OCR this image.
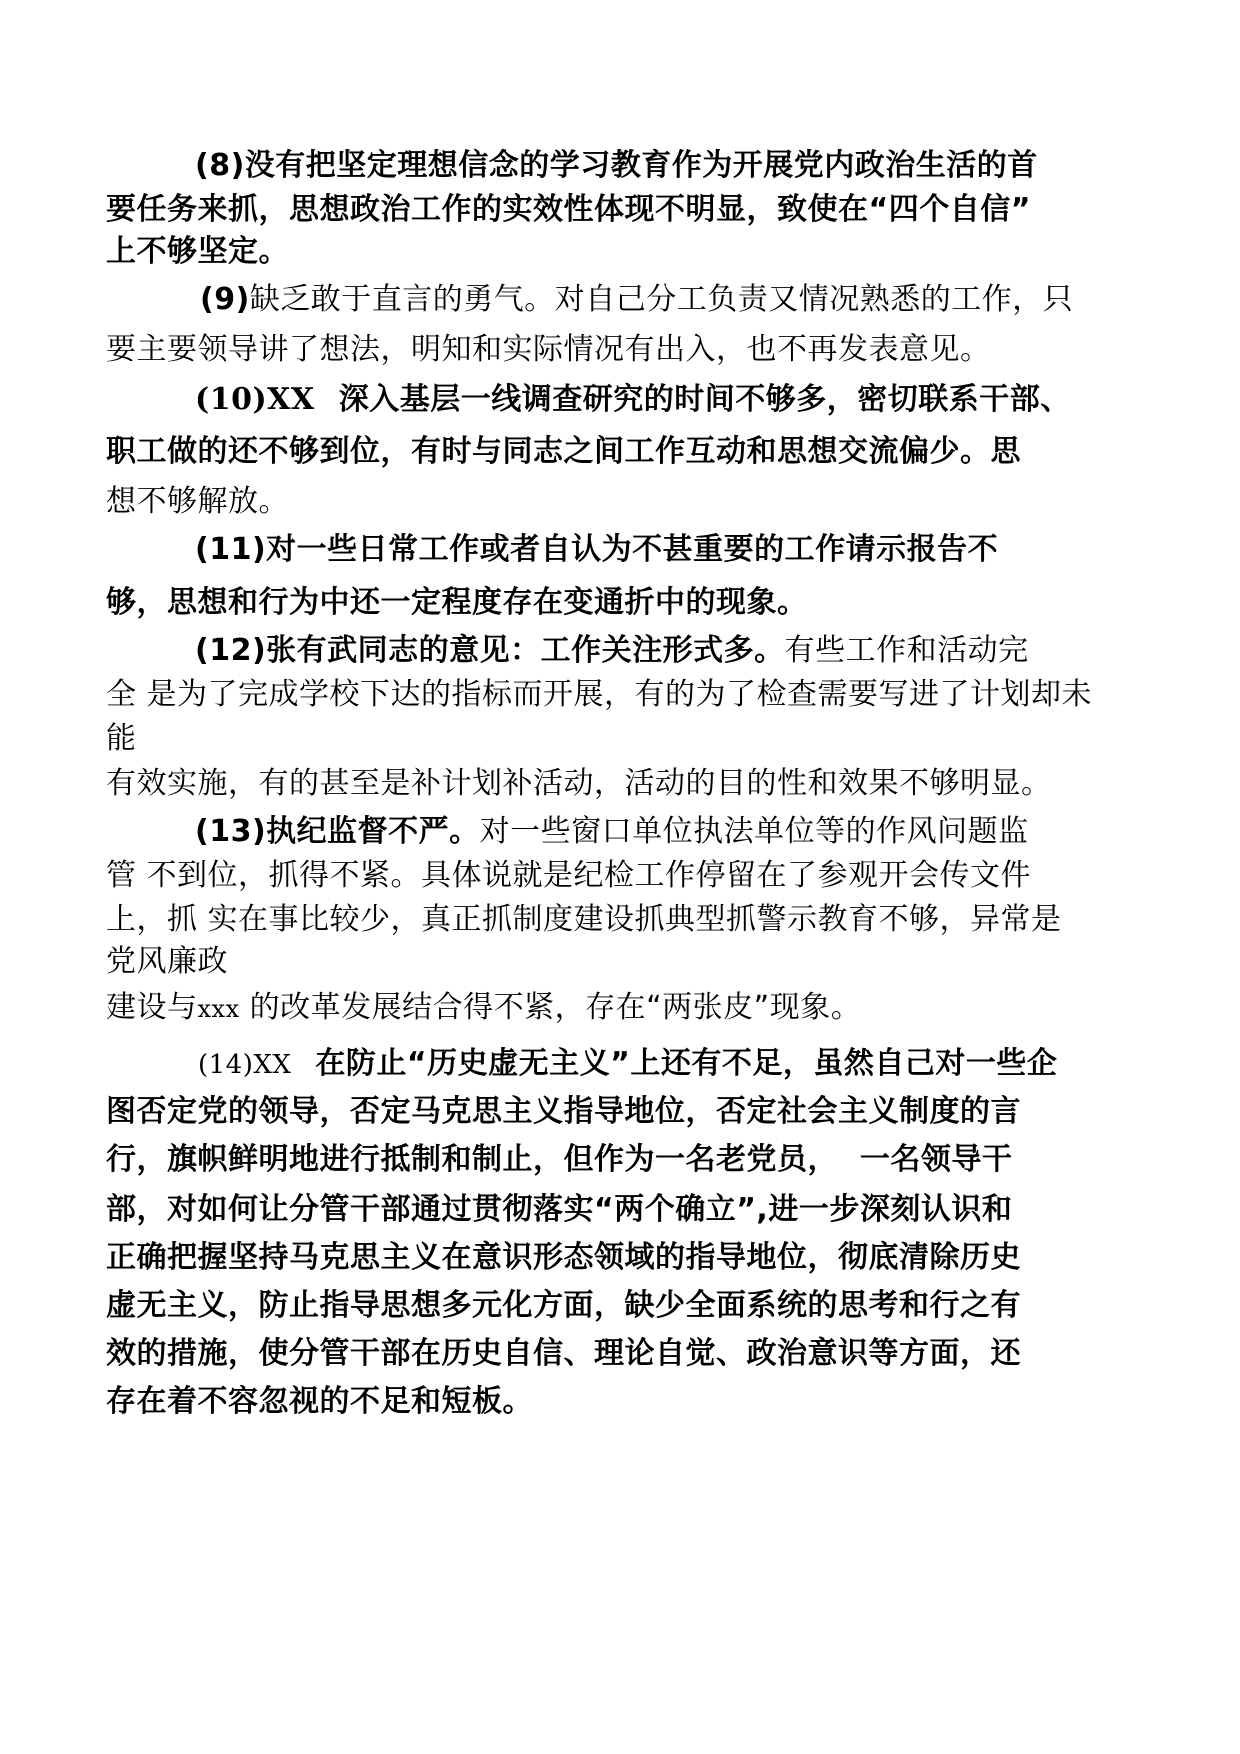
(8)没有把坚定理想信念的学习教育作为开展党内政治生活的首
要任务来抓，思想政治工作的实效性体现不明显，致使在“四个自信”
上不够坚定。
(9)缺乏敢于直言的勇气。对自己分工负责又情况熟悉的工作，只
要主要领导讲了想法，明知和实际情况有出入，也不再发表意见。
(10)XX 深入基层一线调查研究的时间不够多，密切联系干部、
职工做的还不够到位，有时与同志之间工作互动和思想交流偏少。思
想不够解放。
(11)对一些日常工作或者自认为不甚重要的工作请示报告不
够，思想和行为中还一定程度存在变通折中的现象。
(12)张有武同志的意见：工作关注形式多。有些工作和活动完
全 是为了完成学校下达的指标而开展，有的为了检查需要写进了计划却未
能
有效实施，有的甚至是补计划补活动，活动的目的性和效果不够明显。
(13)执纪监督不严。对一些窗口单位执法单位等的作风问题监
管 不到位，抓得不紧。具体说就是纪检工作停留在了参观开会传文件
上，抓 实在事比较少，真正抓制度建设抓典型抓警示教育不够，异常是
党风廉政
建设与xxx 的改革发展结合得不紧，存在“两张皮”现象。
(14)XX 在防止“历史虚无主义”上还有不足，虽然自己对一些企
图否定党的领导，否定马克思主义指导地位，否定社会主义制度的言
行，旗帜鲜明地进行抵制和制止，但作为一名老党员，  一名领导干
部，对如何让分管干部通过贯彻落实“两个确立”,进一步深刻认识和
正确把握坚持马克思主义在意识形态领域的指导地位，彻底清除历史
虚无主义，防止指导思想多元化方面，缺少全面系统的思考和行之有
效的措施，使分管干部在历史自信、理论自觉、政治意识等方面，还
存在着不容忽视的不足和短板。
